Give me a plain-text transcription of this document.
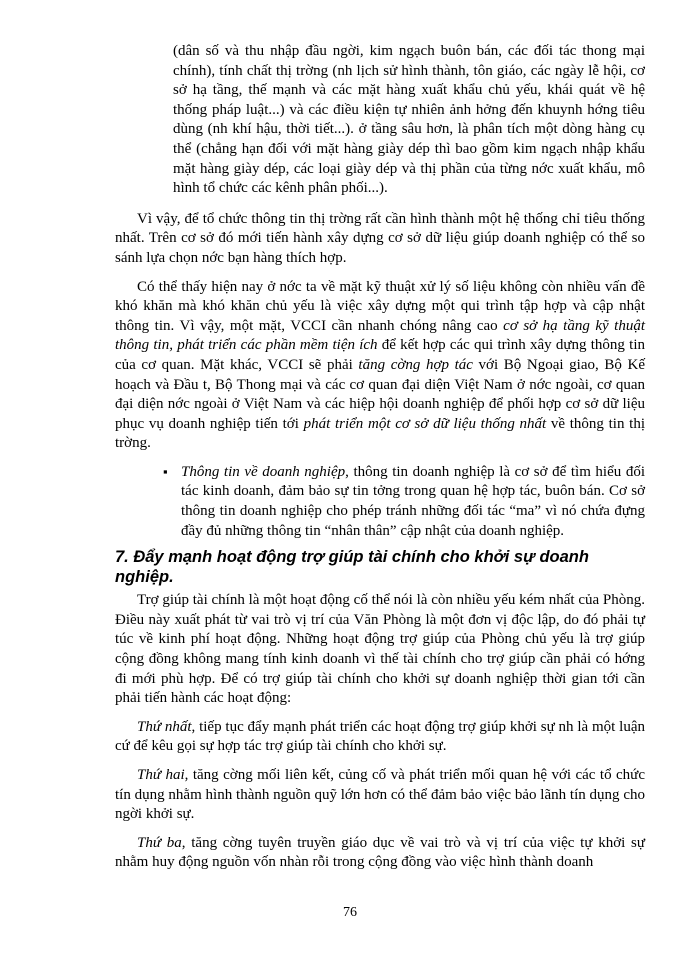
(dân số và thu nhập đầu ngời, kim ngạch buôn bán, các đối tác thong mại chính), tính chất thị trờng (nh lịch sử hình thành, tôn giáo, các ngày lễ hội, cơ sở hạ tầng, thế mạnh và các mặt hàng xuất khẩu chủ yếu, khái quát về hệ thống pháp luật...) và các điều kiện tự nhiên ảnh hởng đến khuynh hớng tiêu dùng (nh khí hậu, thời tiết...). ở tầng sâu hơn, là phân tích một dòng hàng cụ thể (chẳng hạn đối với mặt hàng giày dép thì bao gồm kim ngạch nhập khẩu mặt hàng giày dép, các loại giày dép và thị phần của từng nớc xuất khẩu, mô hình tổ chức các kênh phân phối...).

Vì vậy, để tổ chức thông tin thị trờng rất cần hình thành một hệ thống chỉ tiêu thống nhất. Trên cơ sở đó mới tiến hành xây dựng cơ sở dữ liệu giúp doanh nghiệp có thể so sánh lựa chọn nớc bạn hàng thích hợp.

Có thể thấy hiện nay ở nớc ta về mặt kỹ thuật xử lý số liệu không còn nhiều vấn đề khó khăn mà khó khăn chủ yếu là việc xây dựng một qui trình tập hợp và cập nhật thông tin. Vì vậy, một mặt, VCCI cần nhanh chóng nâng cao cơ sở hạ tầng kỹ thuật thông tin, phát triển các phần mềm tiện ích để kết hợp các qui trình xây dựng thông tin của cơ quan. Mặt khác, VCCI sẽ phải tăng cờng hợp tác với Bộ Ngoại giao, Bộ Kế hoạch và Đầu t, Bộ Thong mại và các cơ quan đại diện Việt Nam ở nớc ngoài, cơ quan đại diện nớc ngoài ở Việt Nam và các hiệp hội doanh nghiệp để phối hợp cơ sở dữ liệu phục vụ doanh nghiệp tiến tới phát triển một cơ sở dữ liệu thống nhất về thông tin thị trờng.

▪ Thông tin về doanh nghiệp, thông tin doanh nghiệp là cơ sở để tìm hiểu đối tác kinh doanh, đảm bảo sự tin tởng trong quan hệ hợp tác, buôn bán. Cơ sở thông tin doanh nghiệp cho phép tránh những đối tác “ma” vì nó chứa đựng đầy đủ những thông tin “nhân thân” cập nhật của doanh nghiệp.

7. Đẩy mạnh hoạt động trợ giúp tài chính cho khởi sự doanh nghiệp.

Trợ giúp tài chính là một hoạt động cố thể nói là còn nhiều yếu kém nhất của Phòng. Điều này xuất phát từ vai trò vị trí của Văn Phòng là một đơn vị độc lập, do đó phải tự túc về kinh phí hoạt động. Những hoạt động trợ giúp của Phòng chủ yếu là trợ giúp cộng đồng không mang tính kinh doanh vì thế tài chính cho trợ giúp cần phải có hớng đi mới phù hợp. Để có trợ giúp tài chính cho khởi sự doanh nghiệp thời gian tới cần phải tiến hành các hoạt động:

Thứ nhất, tiếp tục đẩy mạnh phát triển các hoạt động trợ giúp khởi sự nh là một luận cứ để kêu gọi sự hợp tác trợ giúp tài chính cho khởi sự.

Thứ hai, tăng cờng mối liên kết, củng cố và phát triển mối quan hệ với các tổ chức tín dụng nhằm hình thành nguồn quỹ lớn hơn có thể đảm bảo việc bảo lãnh tín dụng cho ngời khởi sự.

Thứ ba, tăng cờng tuyên truyền giáo dục về vai trò và vị trí của việc tự khởi sự nhằm huy động nguồn vốn nhàn rỗi trong cộng đồng vào việc hình thành doanh

76
